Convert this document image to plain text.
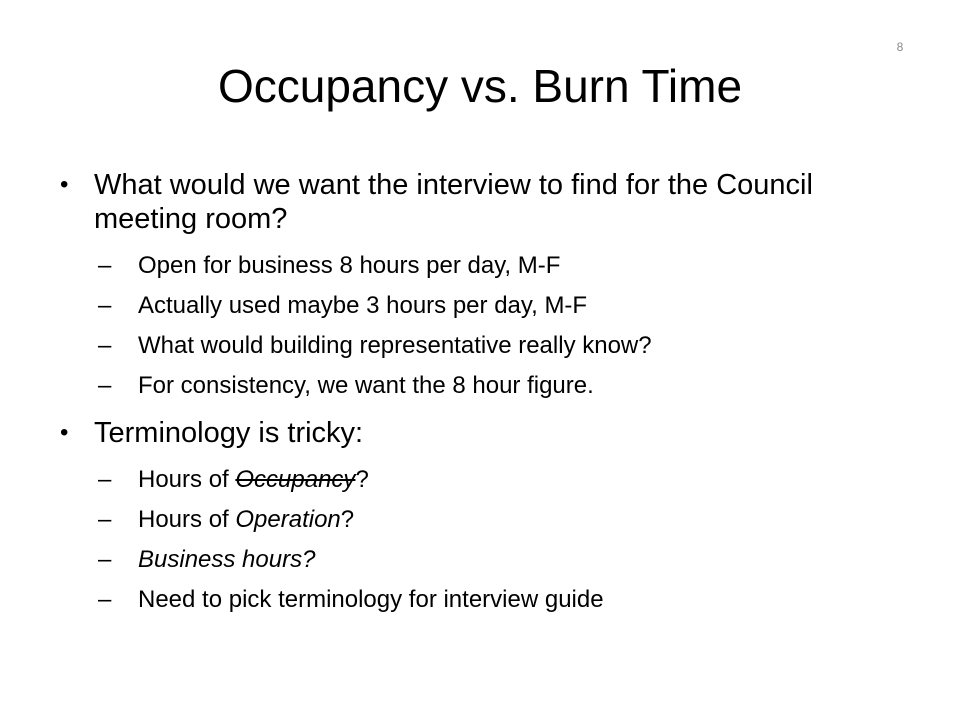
8
Occupancy vs. Burn Time
• What would we want the interview to find for the Council meeting room?
– Open for business 8 hours per day, M-F
– Actually used maybe 3 hours per day, M-F
– What would building representative really know?
– For consistency, we want the 8 hour figure.
• Terminology is tricky:
– Hours of Occupancy?
– Hours of Operation?
– Business hours?
– Need to pick terminology for interview guide
